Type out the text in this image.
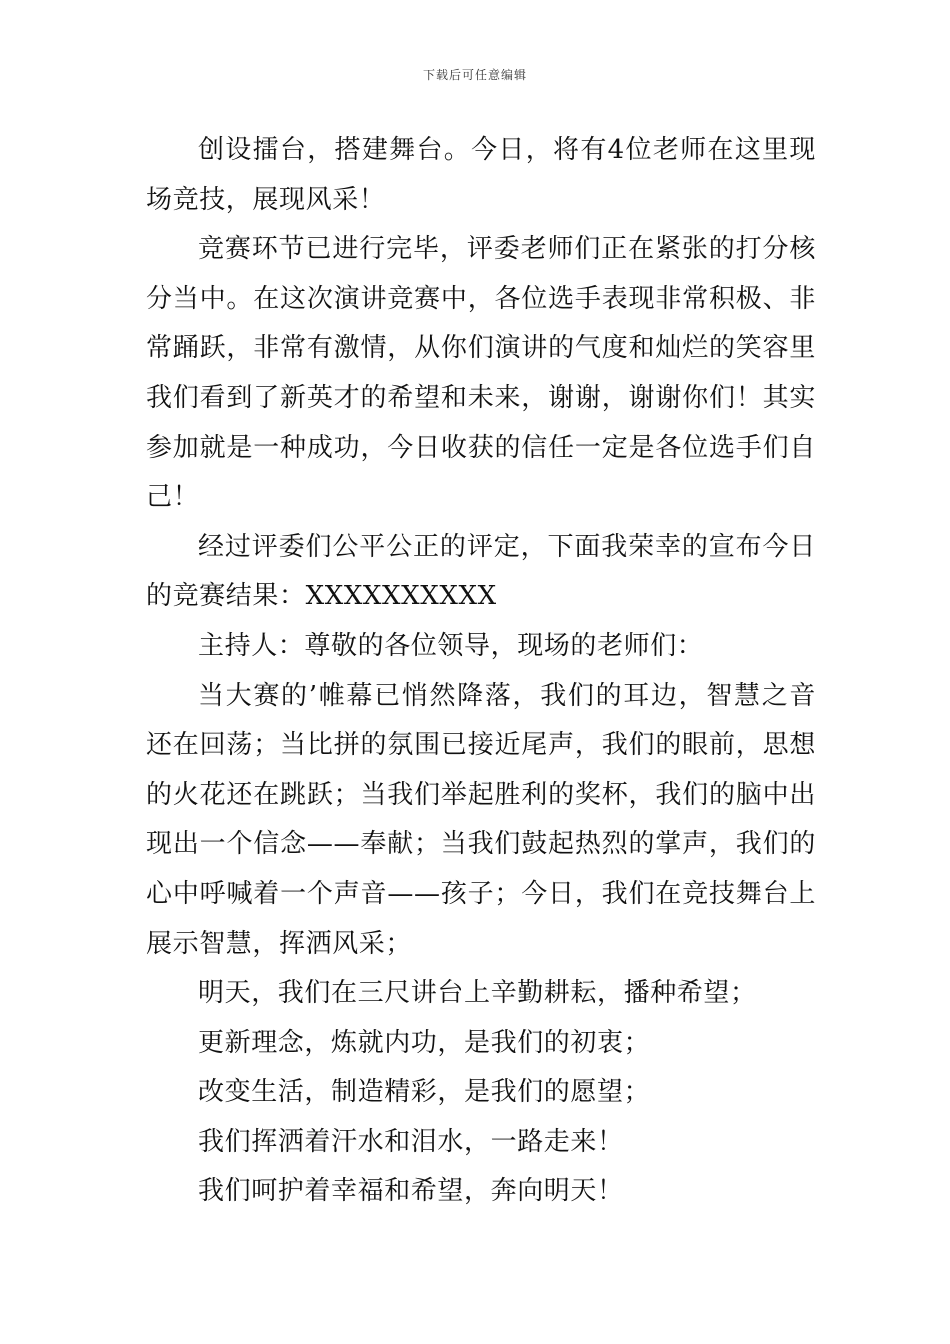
下载后可任意编辑

创设擂台，搭建舞台。今日，将有4位老师在这里现场竞技，展现风采！

竞赛环节已进行完毕，评委老师们正在紧张的打分核分当中。在这次演讲竞赛中，各位选手表现非常积极、非常踊跃，非常有激情，从你们演讲的气度和灿烂的笑容里我们看到了新英才的希望和未来，谢谢，谢谢你们！其实参加就是一种成功，今日收获的信任一定是各位选手们自己！

经过评委们公平公正的评定，下面我荣幸的宣布今日的竞赛结果：XXXXXXXXXX

主持人：尊敬的各位领导，现场的老师们：

当大赛的’帷幕已悄然降落，我们的耳边，智慧之音还在回荡；当比拼的氛围已接近尾声，我们的眼前，思想的火花还在跳跃；当我们举起胜利的奖杯，我们的脑中出现出一个信念——奉献；当我们鼓起热烈的掌声，我们的心中呼喊着一个声音——孩子；今日，我们在竞技舞台上展示智慧，挥洒风采；

明天，我们在三尺讲台上辛勤耕耘，播种希望；

更新理念，炼就内功，是我们的初衷；

改变生活，制造精彩，是我们的愿望；

我们挥洒着汗水和泪水，一路走来！

我们呵护着幸福和希望，奔向明天！
